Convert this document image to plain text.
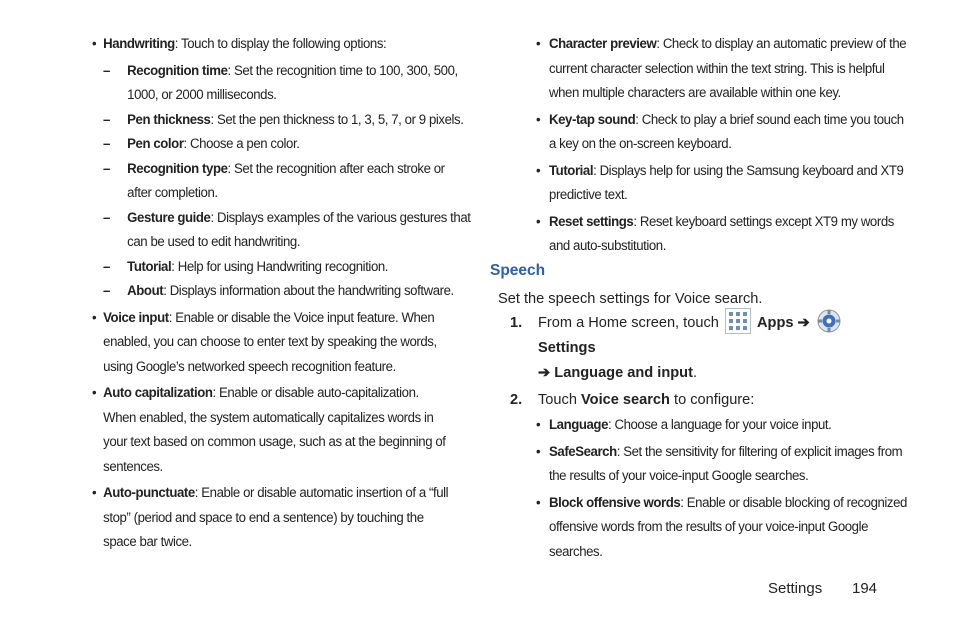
• Handwriting: Touch to display the following options:
– Recognition time: Set the recognition time to 100, 300, 500, 1000, or 2000 milliseconds.
– Pen thickness: Set the pen thickness to 1, 3, 5, 7, or 9 pixels.
– Pen color: Choose a pen color.
– Recognition type: Set the recognition after each stroke or after completion.
– Gesture guide: Displays examples of the various gestures that can be used to edit handwriting.
– Tutorial: Help for using Handwriting recognition.
– About: Displays information about the handwriting software.
• Voice input: Enable or disable the Voice input feature. When enabled, you can choose to enter text by speaking the words, using Google’s networked speech recognition feature.
• Auto capitalization: Enable or disable auto-capitalization. When enabled, the system automatically capitalizes words in your text based on common usage, such as at the beginning of sentences.
• Auto-punctuate: Enable or disable automatic insertion of a “full stop” (period and space to end a sentence) by touching the space bar twice.
• Character preview: Check to display an automatic preview of the current character selection within the text string. This is helpful when multiple characters are available within one key.
• Key-tap sound: Check to play a brief sound each time you touch a key on the on-screen keyboard.
• Tutorial: Displays help for using the Samsung keyboard and XT9 predictive text.
• Reset settings: Reset keyboard settings except XT9 my words and auto-substitution.
Speech
Set the speech settings for Voice search.
1. From a Home screen, touch	Apps ➔  Settings
➔ Language and input.
2. Touch Voice search to configure:
• Language: Choose a language for your voice input.
• SafeSearch: Set the sensitivity for filtering of explicit images from the results of your voice-input Google searches.
• Block offensive words: Enable or disable blocking of recognized offensive words from the results of your voice-input Google searches.
Settings 194
